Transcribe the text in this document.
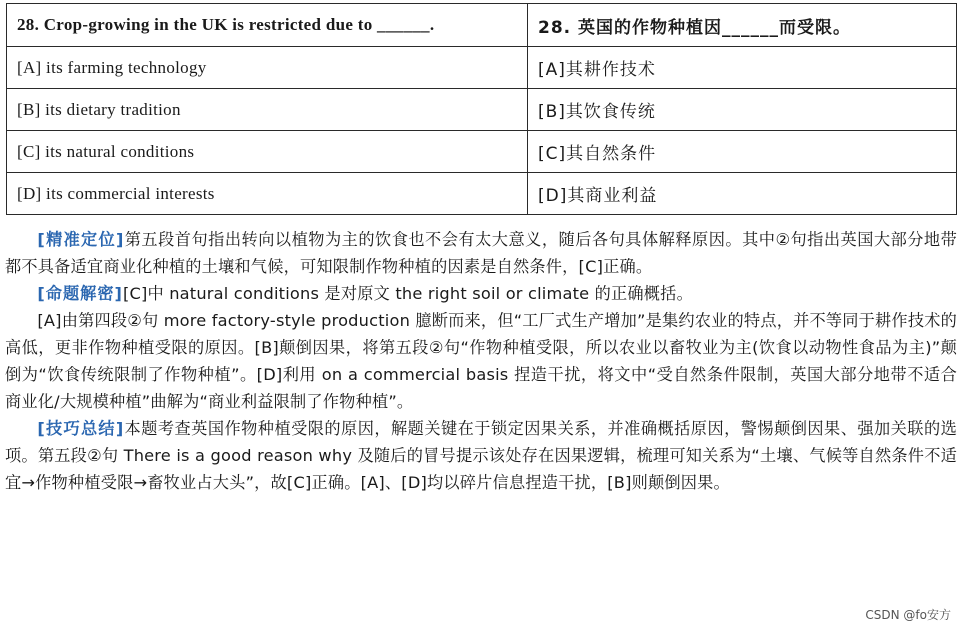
28. Crop-growing in the UK is restricted due to ______.	28. 英国的作物种植因______而受限。
[A] its farming technology	[A]其耕作技术
[B] its dietary tradition	[B]其饮食传统
[C] its natural conditions	[C]其自然条件
[D] its commercial interests	[D]其商业利益

[精准定位]第五段首句指出转向以植物为主的饮食也不会有太大意义，随后各句具体解释原因。其中②句指出英国大部分地带都不具备适宜商业化种植的土壤和气候，可知限制作物种植的因素是自然条件，[C]正确。

[命题解密][C]中 natural conditions 是对原文 the right soil or climate 的正确概括。

[A]由第四段②句 more factory-style production 臆断而来，但“工厂式生产增加”是集约农业的特点，并不等同于耕作技术的高低，更非作物种植受限的原因。[B]颠倒因果，将第五段②句“作物种植受限，所以农业以畜牧业为主(饮食以动物性食品为主)”颠倒为“饮食传统限制了作物种植”。[D]利用 on a commercial basis 捏造干扰，将文中“受自然条件限制，英国大部分地带不适合商业化/大规模种植”曲解为“商业利益限制了作物种植”。

[技巧总结]本题考查英国作物种植受限的原因，解题关键在于锁定因果关系，并准确概括原因，警惕颠倒因果、强加关联的选项。第五段②句 There is a good reason why 及随后的冒号提示该处存在因果逻辑，梳理可知关系为“土壤、气候等自然条件不适宜→作物种植受限→畜牧业占大头”，故[C]正确。[A]、[D]均以碎片信息捏造干扰，[B]则颠倒因果。

CSDN @fo安方
